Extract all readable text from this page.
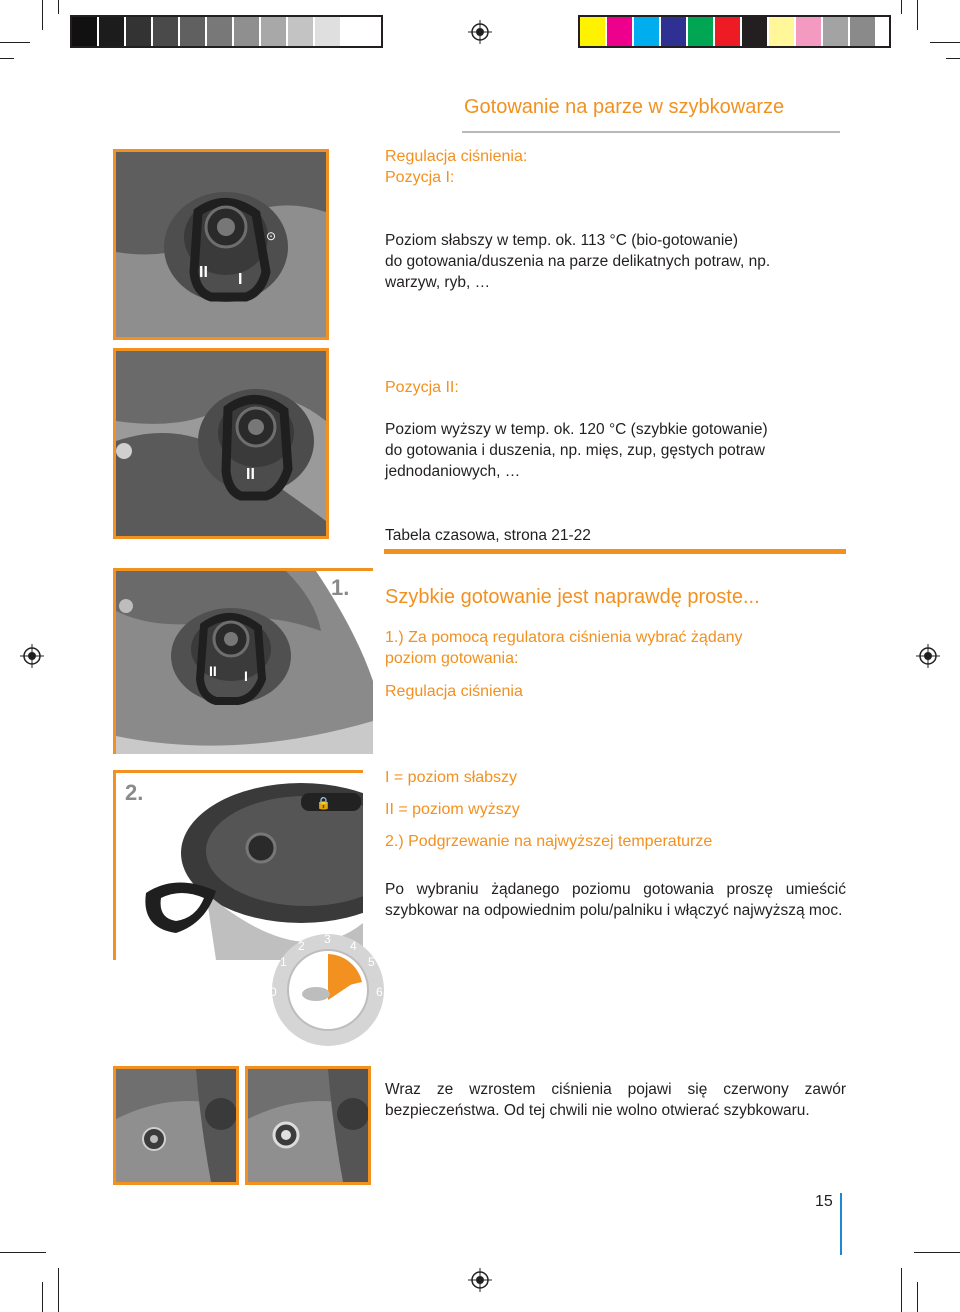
Gotowanie na parze w szybkowarze
II I
⊙
Regulacja ciśnienia:
Pozycja I:
Poziom słabszy w temp. ok. 113 °C (bio-gotowanie)
do gotowania/duszenia na parze delikatnych potraw, np.
warzyw, ryb, …
II
Pozycja II:
Poziom wyższy w temp. ok. 120 °C (szybkie gotowanie)
do gotowania i duszenia, np. mięs, zup, gęstych potraw
jednodaniowych, …
Tabela czasowa, strona 21-22
II I
1. Szybkie gotowanie jest naprawdę proste...
1.) Za pomocą regulatora ciśnienia wybrać żądany
poziom gotowania:
Regulacja ciśnienia
🔒
2.
0
1
2 3 4
5
6
I = poziom słabszy
II = poziom wyższy
2.) Podgrzewanie na najwyższej temperaturze
Po wybraniu żądanego poziomu gotowania proszę umieścić szybkowar na odpowiednim polu/palniku i włączyć najwyższą moc.
Wraz ze wzrostem ciśnienia pojawi się czerwony zawór bezpieczeństwa. Od tej chwili nie wolno otwierać szybkowaru.
15
